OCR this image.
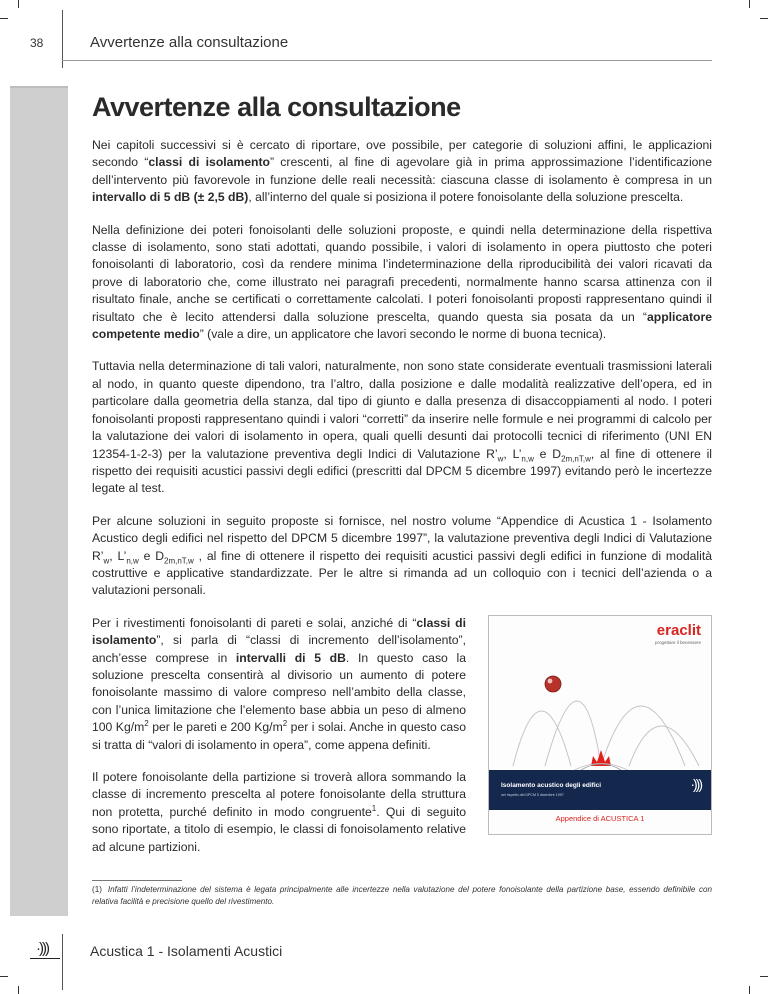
38	Avvertenze alla consultazione
Avvertenze alla consultazione

Nei capitoli successivi si è cercato di riportare, ove possibile, per categorie di soluzioni affini, le applicazioni secondo “classi di isolamento” crescenti, al fine di agevolare già in prima approssimazione l’identificazione dell’intervento più favorevole in funzione delle reali necessità: ciascuna classe di isolamento è compresa in un intervallo di 5 dB (± 2,5 dB), all’interno del quale si posiziona il potere fonoisolante della soluzione prescelta.

Nella definizione dei poteri fonoisolanti delle soluzioni proposte, e quindi nella determinazione della rispettiva classe di isolamento, sono stati adottati, quando possibile, i valori di isolamento in opera piuttosto che poteri fonoisolanti di laboratorio, così da rendere minima l’indeterminazione della riproducibilità dei valori ricavati da prove di laboratorio che, come illustrato nei paragrafi precedenti, normalmente hanno scarsa attinenza con il risultato finale, anche se certificati o correttamente calcolati. I poteri fonoisolanti proposti rappresentano quindi il risultato che è lecito attendersi dalla soluzione prescelta, quando questa sia posata da un “applicatore competente medio” (vale a dire, un applicatore che lavori secondo le norme di buona tecnica).

Tuttavia nella determinazione di tali valori, naturalmente, non sono state considerate eventuali trasmissioni laterali al nodo, in quanto queste dipendono, tra l’altro, dalla posizione e dalle modalità realizzative dell’opera, ed in particolare dalla geometria della stanza, dal tipo di giunto e dalla presenza di disaccoppiamenti al nodo. I poteri fonoisolanti proposti rappresentano quindi i valori “corretti” da inserire nelle formule e nei programmi di calcolo per la valutazione dei valori di isolamento in opera, quali quelli desunti dai protocolli tecnici di riferimento (UNI EN 12354-1-2-3) per la valutazione preventiva degli Indici di Valutazione $R’_w$, $L’_{n,w}$ e $D_{2m,nT,w}$, al fine di ottenere il rispetto dei requisiti acustici passivi degli edifici (prescritti dal DPCM 5 dicembre 1997) evitando però le incertezze legate al test.

Per alcune soluzioni in seguito proposte si fornisce, nel nostro volume “Appendice di Acustica 1 - Isolamento Acustico degli edifici nel rispetto del DPCM 5 dicembre 1997”, la valutazione preventiva degli Indici di Valutazione $R’_w$, $L’_{n,w}$ e $D_{2m,nT,w}$ , al fine di ottenere il rispetto dei requisiti acustici passivi degli edifici in funzione di modalità costruttive e applicative standardizzate. Per le altre si rimanda ad un colloquio con i tecnici dell’azienda o a valutazioni personali.

Per i rivestimenti fonoisolanti di pareti e solai, anziché di “classi di isolamento”, si parla di “classi di incremento dell’isolamento”, anch’esse comprese in intervalli di 5 dB. In questo caso la soluzione prescelta consentirà al divisorio un aumento di potere fonoisolante massimo di valore compreso nell’ambito della classe, con l’unica limitazione che l’elemento base abbia un peso di almeno 100 $Kg/m^2$ per le pareti e 200 $Kg/m^2$ per i solai. Anche in questo caso si tratta di “valori di isolamento in opera”, come appena definiti.

Il potere fonoisolante della partizione si troverà allora sommando la classe di incremento prescelta al potere fonoisolante della struttura non protetta, purché definito in modo congruente$^1$. Qui di seguito sono riportate, a titolo di esempio, le classi di fonoisolamento relative ad alcune partizioni.

eraclit
progettare il benessere
Isolamento acustico degli edifici
nel rispetto del DPCM 5 dicembre 1997
·)))
Appendice di ACUSTICA 1
(1) Infatti l’indeterminazione del sistema è legata principalmente alle incertezze nella valutazione del potere fonoisolante della partizione base, essendo definibile con relativa facilità e precisione quello del rivestimento.
·)))	Acustica 1 - Isolamenti Acustici
